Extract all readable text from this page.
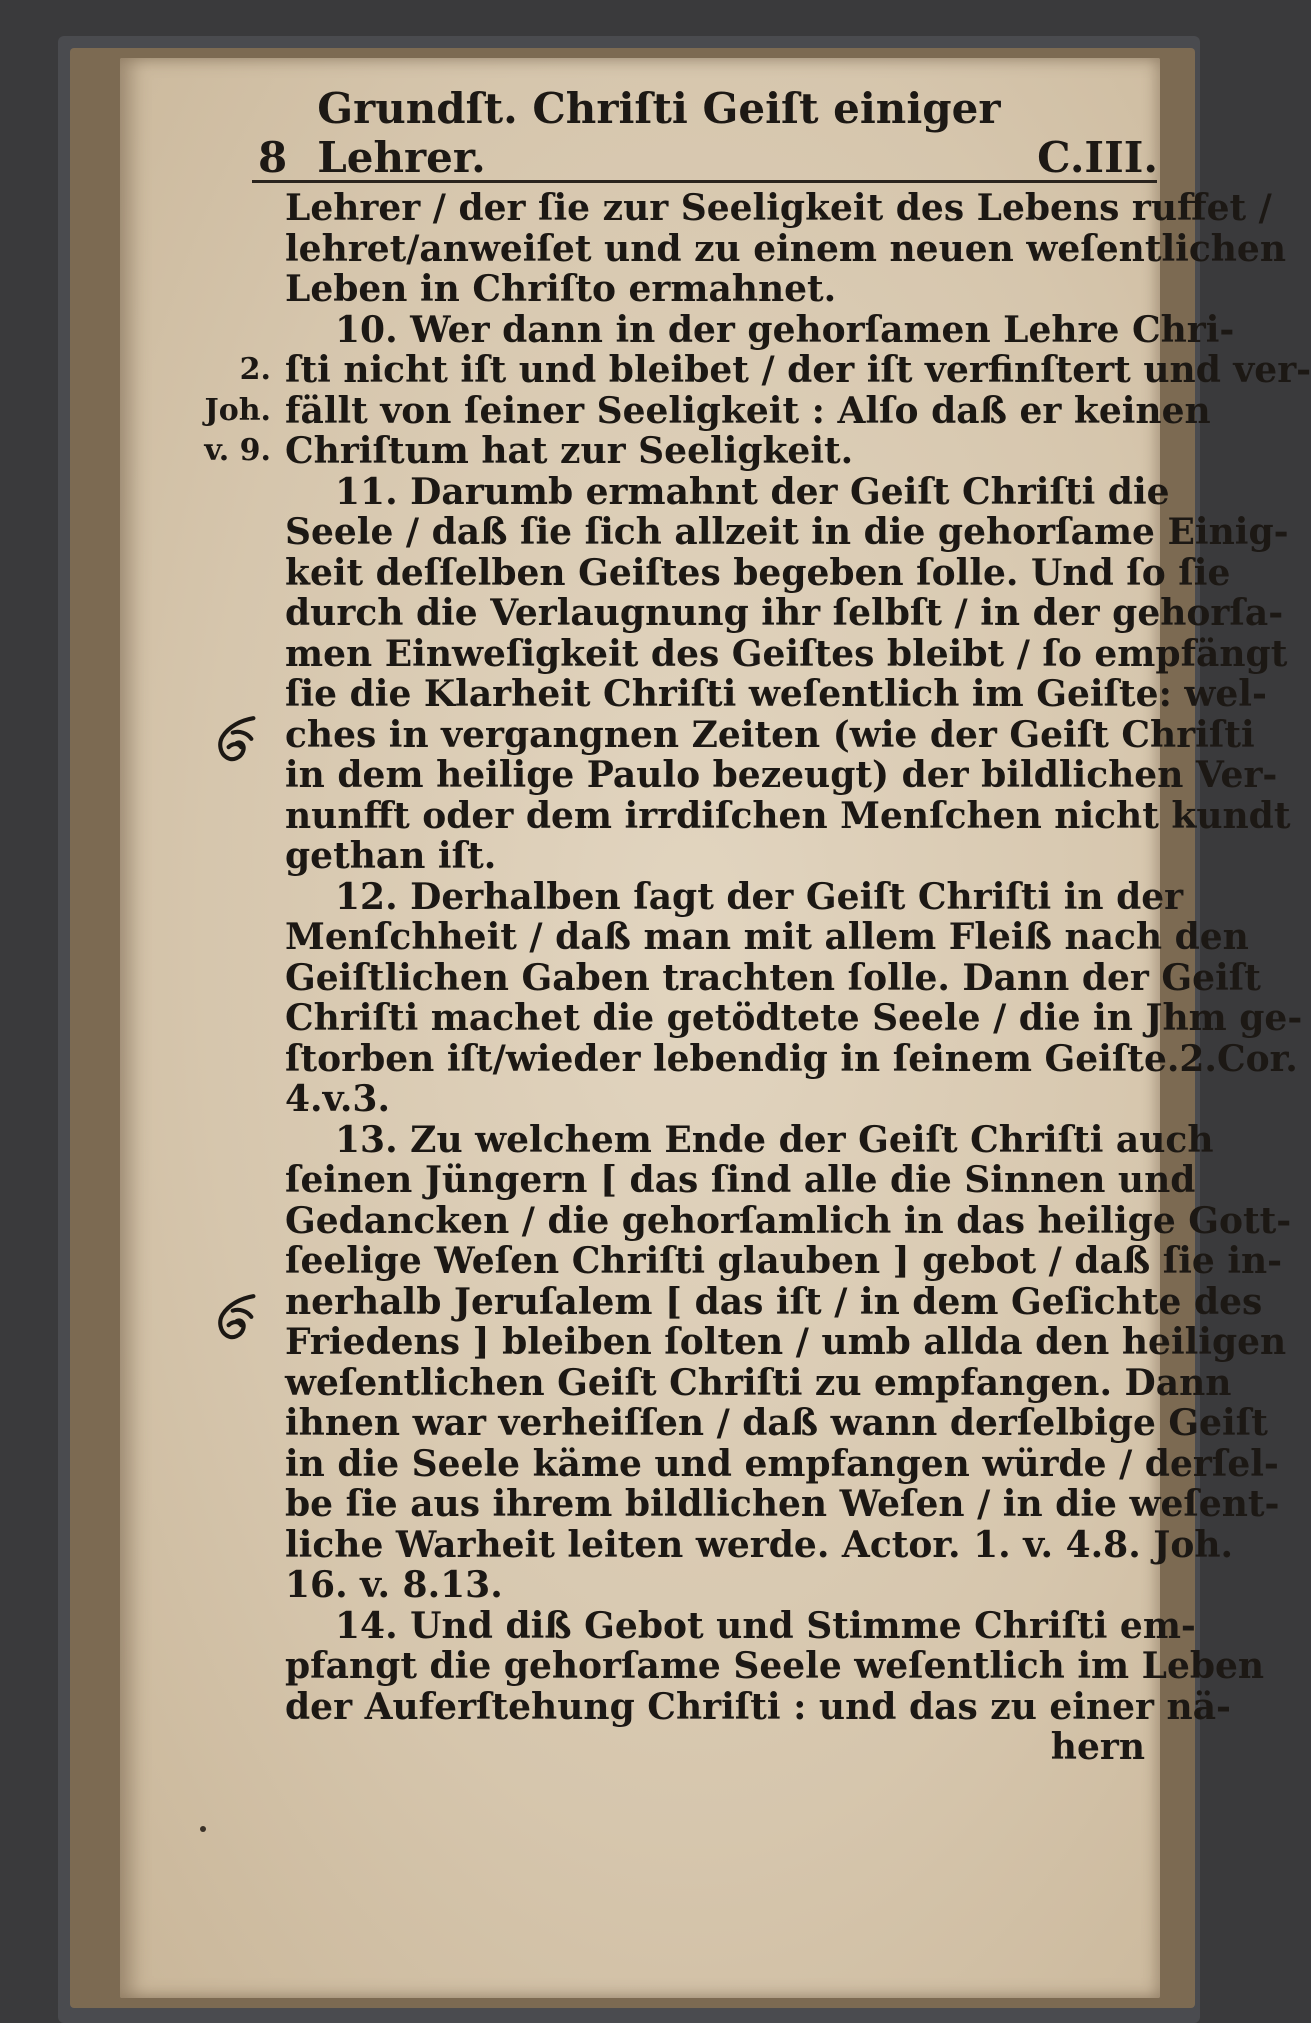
8
Grundſt. Chriſti Geiſt einiger Lehrer.	C.III.
Lehrer / der ſie zur Seeligkeit des Lebens ruffet /
lehret/anweiſet und zu einem neuen weſentlichen
Leben in Chriſto ermahnet.
10. Wer dann in der gehorſamen Lehre Chri-
ſti nicht iſt und bleibet / der iſt verfinſtert und ver-
fällt von ſeiner Seeligkeit : Alſo daß er keinen
Chriſtum hat zur Seeligkeit.
11. Darumb ermahnt der Geiſt Chriſti die
Seele / daß ſie ſich allzeit in die gehorſame Einig-
keit deſſelben Geiſtes begeben ſolle. Und ſo ſie
durch die Verlaugnung ihr ſelbſt / in der gehorſa-
men Einweſigkeit des Geiſtes bleibt / ſo empfängt
ſie die Klarheit Chriſti weſentlich im Geiſte: wel-
ches in vergangnen Zeiten (wie der Geiſt Chriſti
in dem heilige Paulo bezeugt) der bildlichen Ver-
nunfft oder dem irrdiſchen Menſchen nicht kundt
gethan iſt.
12. Derhalben ſagt der Geiſt Chriſti in der
Menſchheit / daß man mit allem Fleiß nach den
Geiſtlichen Gaben trachten ſolle. Dann der Geiſt
Chriſti machet die getödtete Seele / die in Jhm ge-
ſtorben iſt/wieder lebendig in ſeinem Geiſte.2.Cor.
4.v.3.
13. Zu welchem Ende der Geiſt Chriſti auch
ſeinen Jüngern [ das ſind alle die Sinnen und
Gedancken / die gehorſamlich in das heilige Gott-
ſeelige Weſen Chriſti glauben ] gebot / daß ſie in-
nerhalb Jeruſalem [ das iſt / in dem Geſichte des
Friedens ] bleiben ſolten / umb allda den heiligen
weſentlichen Geiſt Chriſti zu empfangen. Dann
ihnen war verheiſſen / daß wann derſelbige Geiſt
in die Seele käme und empfangen würde / derſel-
be ſie aus ihrem bildlichen Weſen / in die weſent-
liche Warheit leiten werde. Actor. 1. v. 4.8. Joh.
16. v. 8.13.
14. Und diß Gebot und Stimme Chriſti em-
pfangt die gehorſame Seele weſentlich im Leben
der Auferſtehung Chriſti : und das zu einer nä-
hern
2.
Joh.
v. 9.
